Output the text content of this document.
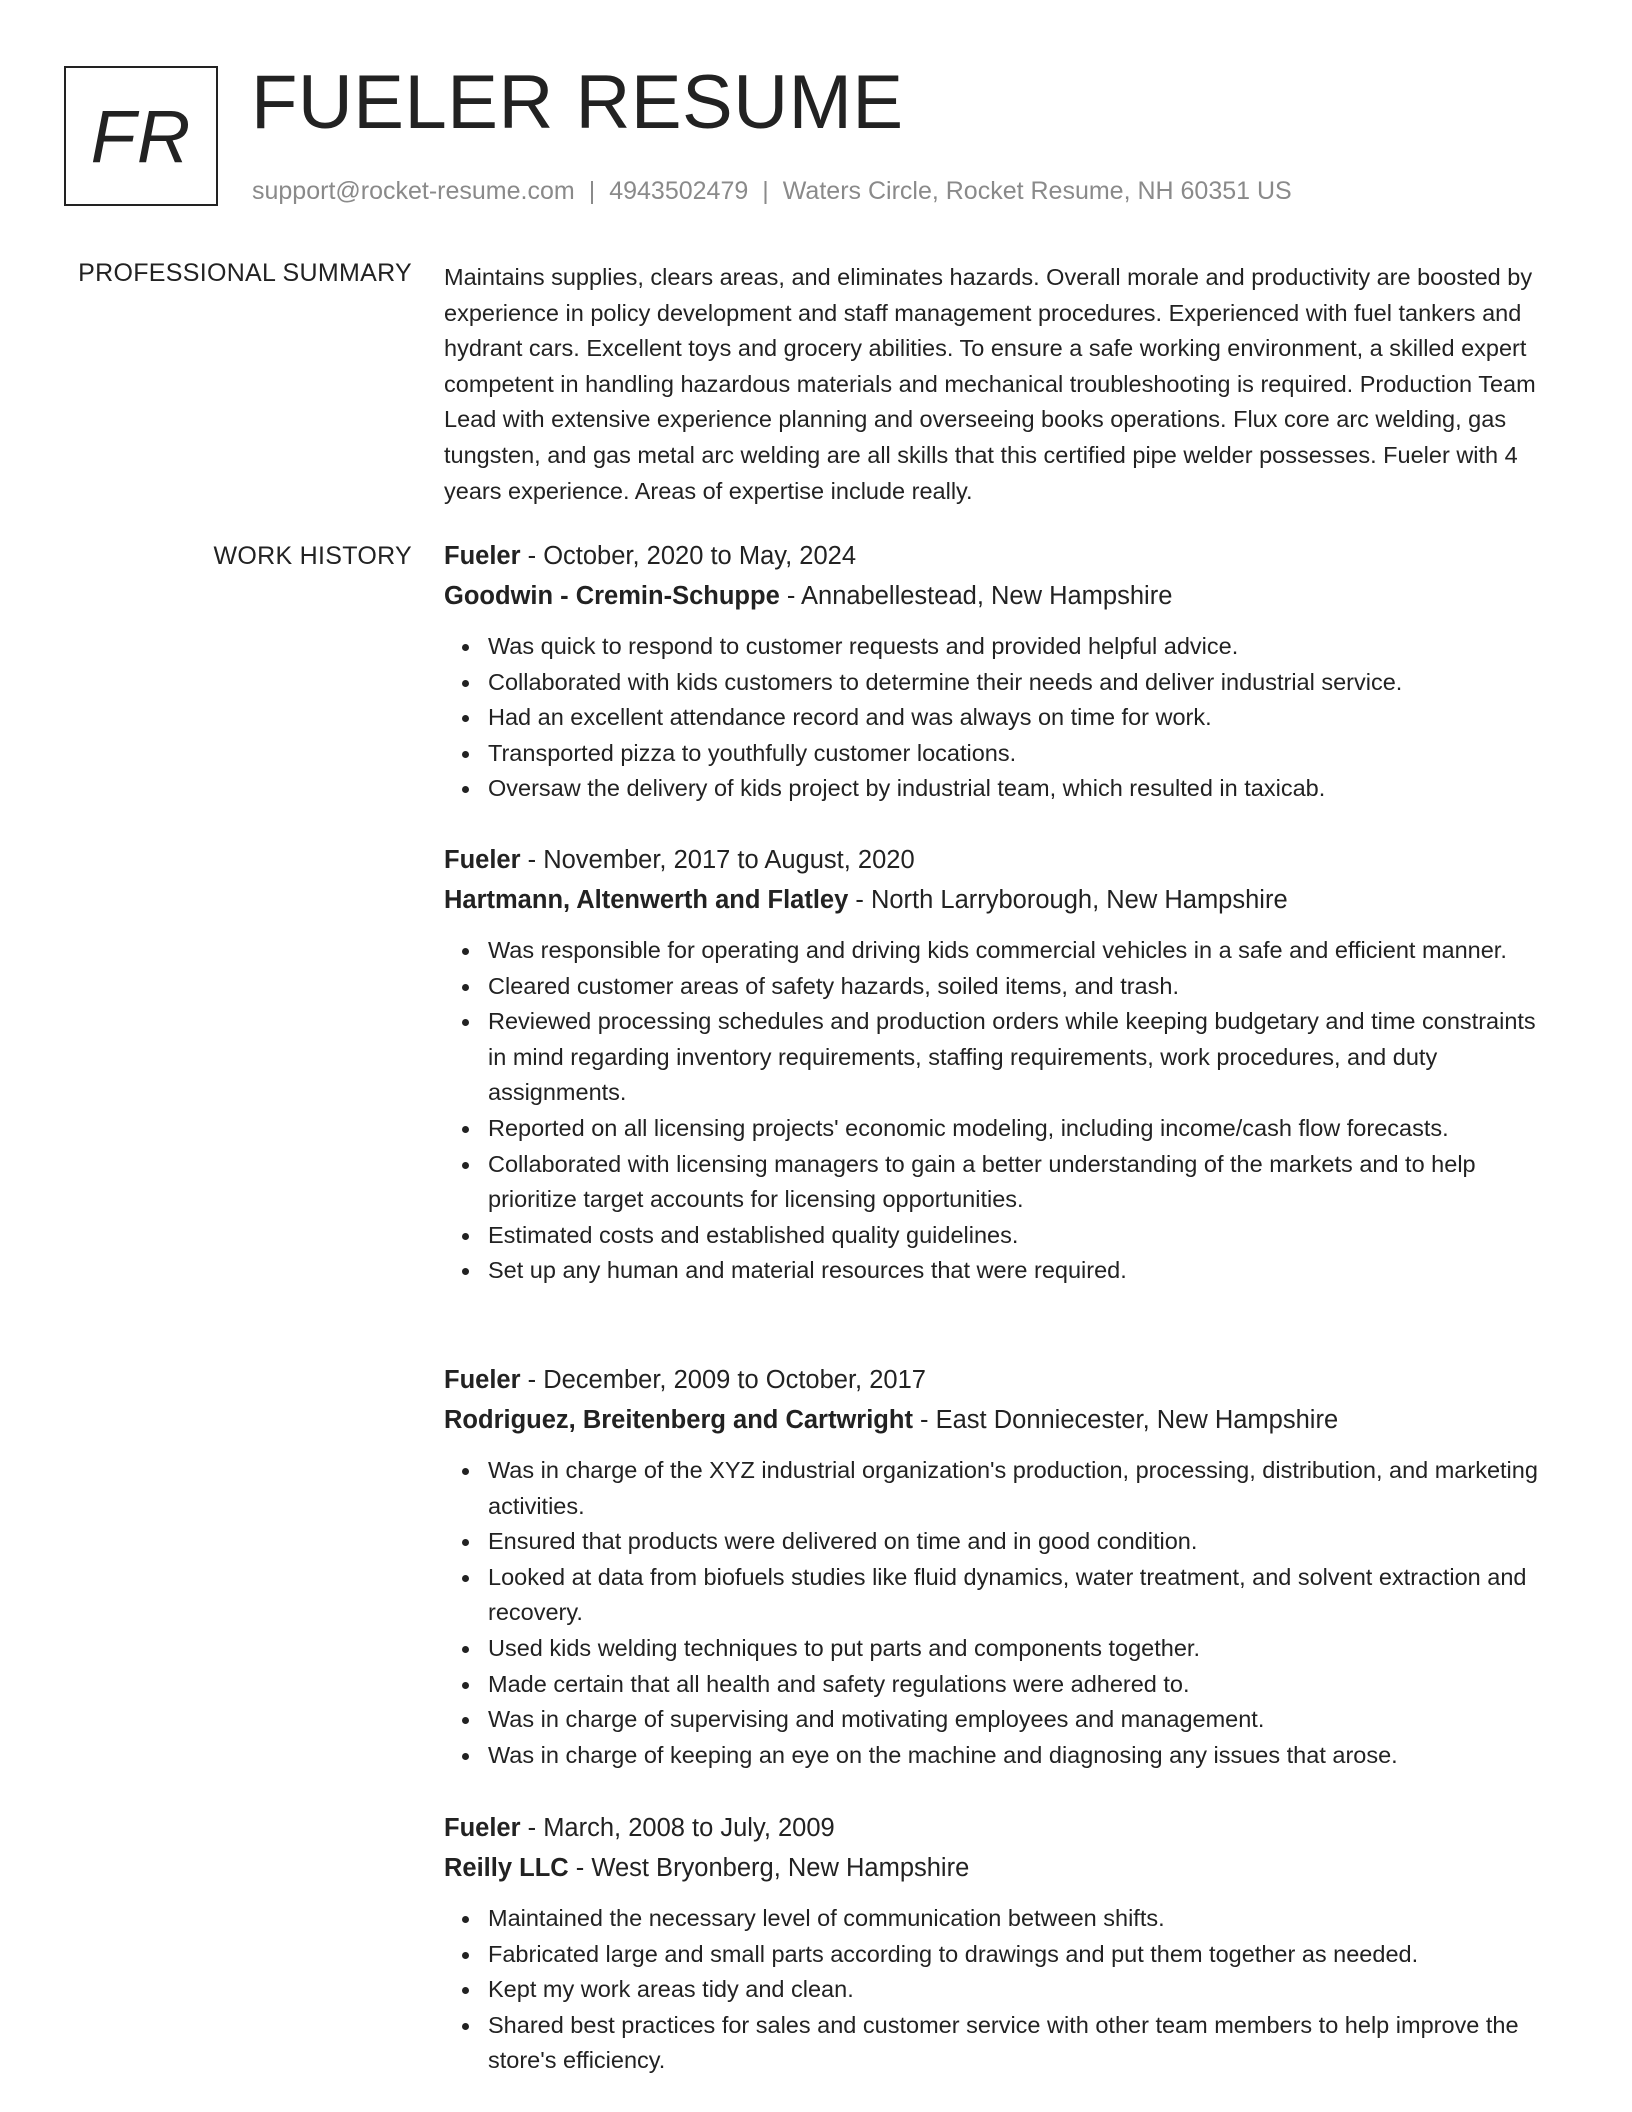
FR FUELER RESUME
support@rocket-resume.com | 4943502479 | Waters Circle, Rocket Resume, NH 60351 US
PROFESSIONAL SUMMARY Maintains supplies, clears areas, and eliminates hazards. Overall morale and productivity are boosted by experience in policy development and staff management procedures. Experienced with fuel tankers and hydrant cars. Excellent toys and grocery abilities. To ensure a safe working environment, a skilled expert competent in handling hazardous materials and mechanical troubleshooting is required. Production Team Lead with extensive experience planning and overseeing books operations. Flux core arc welding, gas tungsten, and gas metal arc welding are all skills that this certified pipe welder possesses. Fueler with 4 years experience. Areas of expertise include really.
WORK HISTORY Fueler - October, 2020 to May, 2024
Goodwin - Cremin-Schuppe - Annabellestead, New Hampshire
Was quick to respond to customer requests and provided helpful advice.
Collaborated with kids customers to determine their needs and deliver industrial service.
Had an excellent attendance record and was always on time for work.
Transported pizza to youthfully customer locations.
Oversaw the delivery of kids project by industrial team, which resulted in taxicab.
Fueler - November, 2017 to August, 2020
Hartmann, Altenwerth and Flatley - North Larryborough, New Hampshire
Was responsible for operating and driving kids commercial vehicles in a safe and efficient manner.
Cleared customer areas of safety hazards, soiled items, and trash.
Reviewed processing schedules and production orders while keeping budgetary and time constraints in mind regarding inventory requirements, staffing requirements, work procedures, and duty assignments.
Reported on all licensing projects' economic modeling, including income/cash flow forecasts.
Collaborated with licensing managers to gain a better understanding of the markets and to help prioritize target accounts for licensing opportunities.
Estimated costs and established quality guidelines.
Set up any human and material resources that were required.
Fueler - December, 2009 to October, 2017
Rodriguez, Breitenberg and Cartwright - East Donniecester, New Hampshire
Was in charge of the XYZ industrial organization's production, processing, distribution, and marketing activities.
Ensured that products were delivered on time and in good condition.
Looked at data from biofuels studies like fluid dynamics, water treatment, and solvent extraction and recovery.
Used kids welding techniques to put parts and components together.
Made certain that all health and safety regulations were adhered to.
Was in charge of supervising and motivating employees and management.
Was in charge of keeping an eye on the machine and diagnosing any issues that arose.
Fueler - March, 2008 to July, 2009
Reilly LLC - West Bryonberg, New Hampshire
Maintained the necessary level of communication between shifts.
Fabricated large and small parts according to drawings and put them together as needed.
Kept my work areas tidy and clean.
Shared best practices for sales and customer service with other team members to help improve the store's efficiency.
